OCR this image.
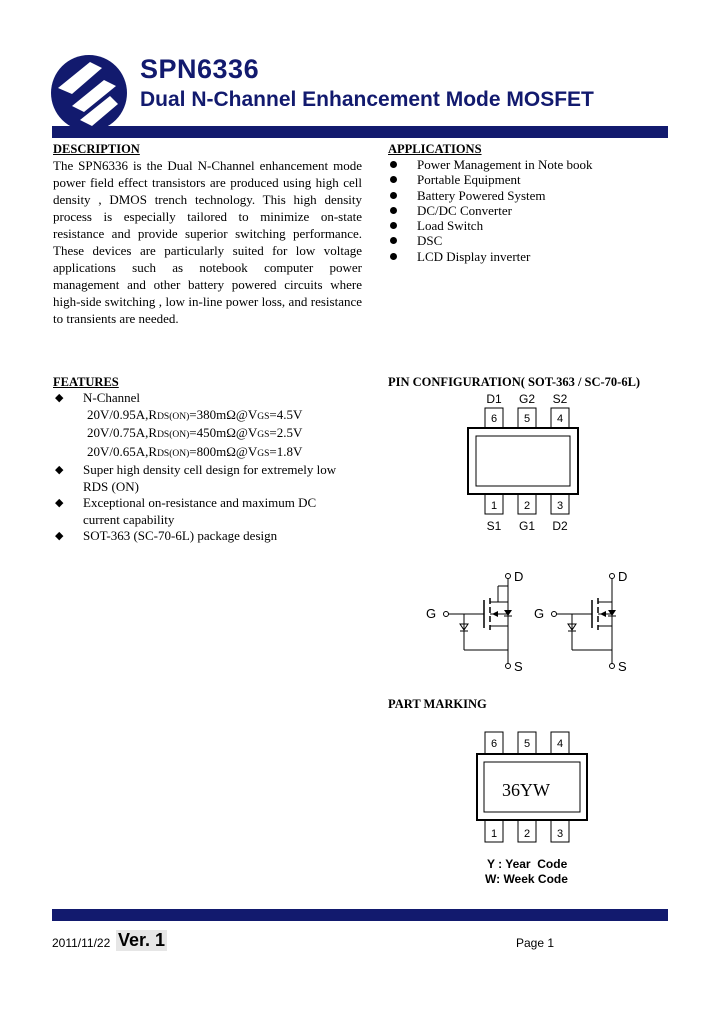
SPN6336
Dual N-Channel Enhancement Mode MOSFET
DESCRIPTION
The SPN6336 is the Dual N-Channel enhancement mode power field effect transistors are produced using high cell density , DMOS trench technology. This high density process is especially tailored to minimize on-state resistance and provide superior switching performance. These devices are particularly suited for low voltage applications such as notebook computer power management and other battery powered circuits where high-side switching , low in-line power loss, and resistance to transients are needed.
APPLICATIONS
Power Management in Note book
Portable Equipment
Battery Powered System
DC/DC Converter
Load Switch
DSC
LCD Display inverter
FEATURES
◆ N-Channel
20V/0.95A,RDS(ON)=380mΩ@VGS=4.5V
20V/0.75A,RDS(ON)=450mΩ@VGS=2.5V
20V/0.65A,RDS(ON)=800mΩ@VGS=1.8V
◆ Super high density cell design for extremely low
RDS (ON)
◆ Exceptional on-resistance and maximum DC
current capability
◆ SOT-363 (SC-70-6L) package design
PIN CONFIGURATION( SOT-363 / SC-70-6L)
D1 G2 S2
6 5 4
1 2 3
S1 G1 D2
G
D
S
G
D
S
PART MARKING
6 5 4
36YW
1 2 3
Y : Year  Code
W: Week Code
2011/11/22 Ver. 1	Page 1
